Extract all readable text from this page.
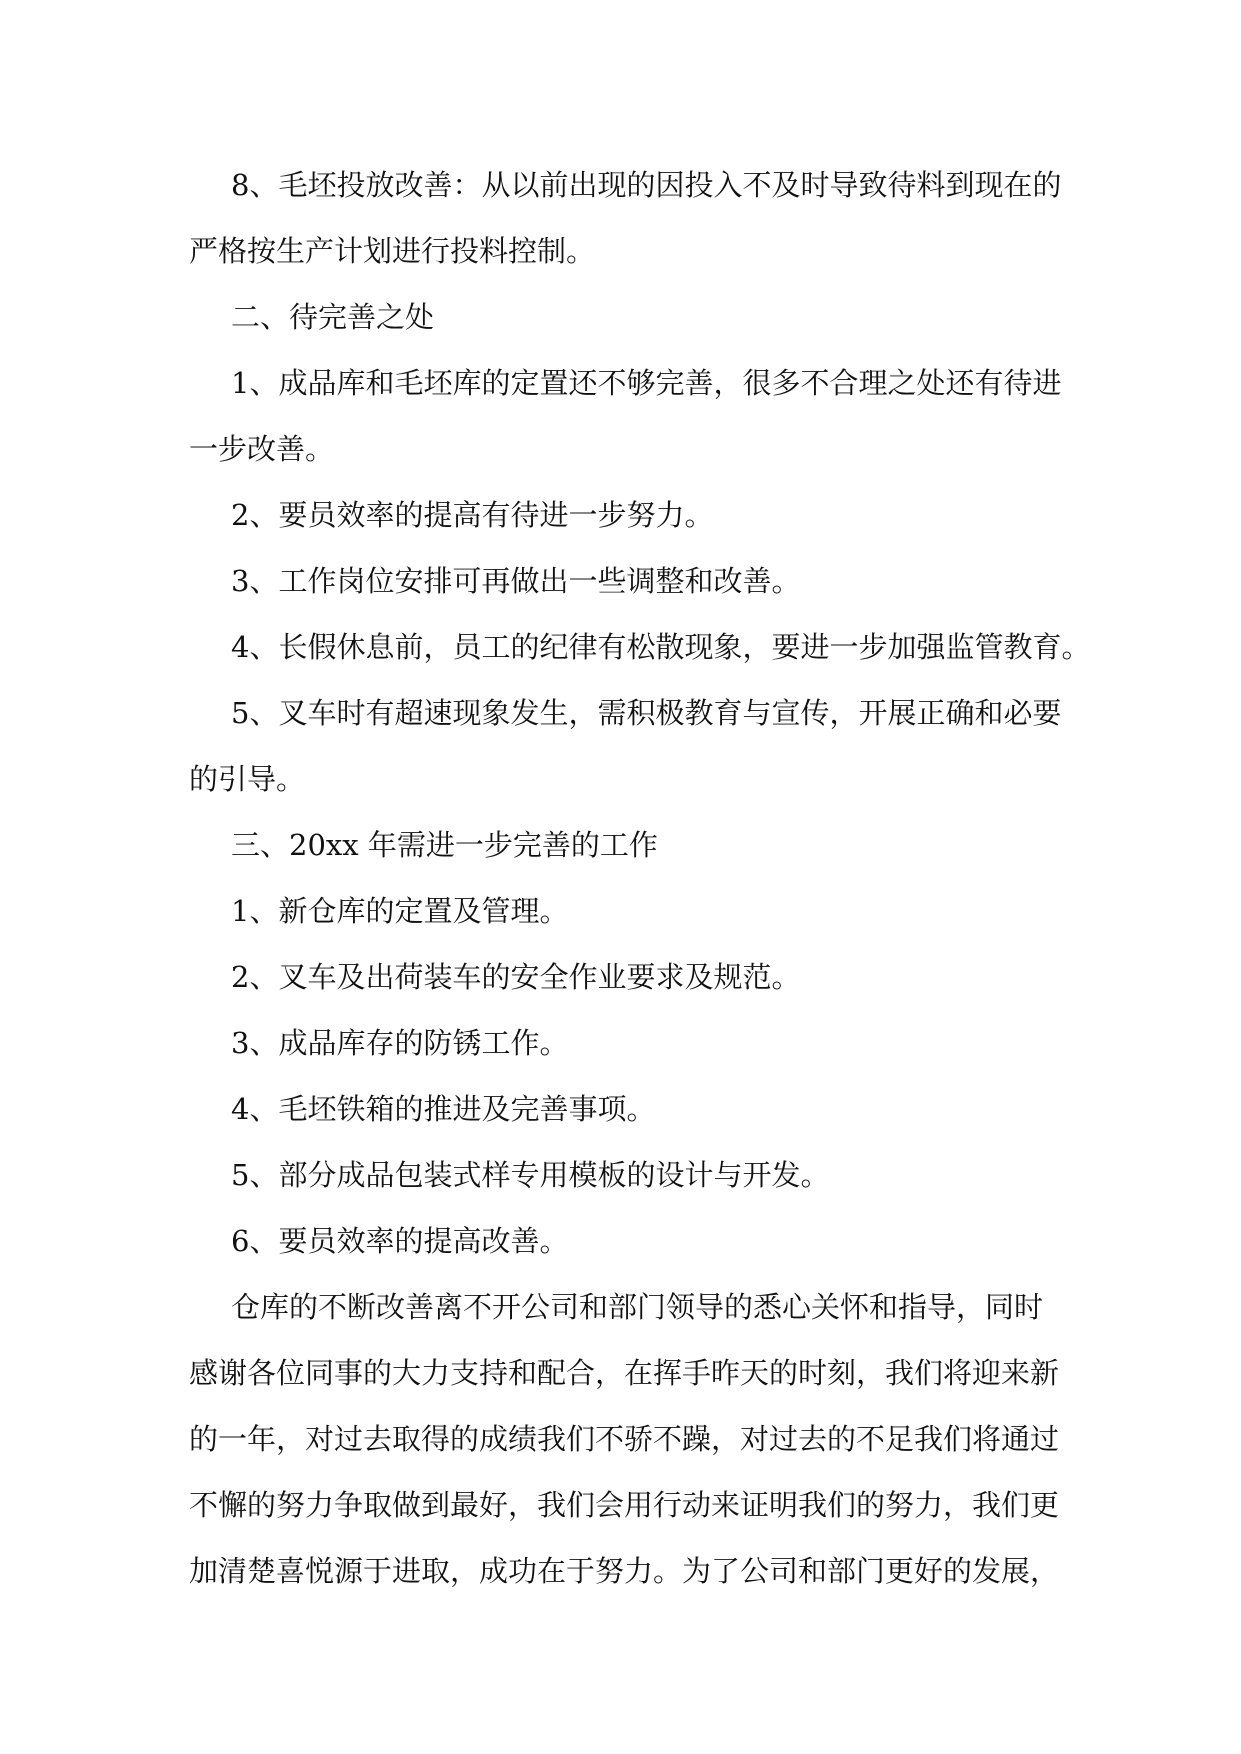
8、毛坯投放改善：从以前出现的因投入不及时导致待料到现在的
严格按生产计划进行投料控制。
二、待完善之处
1、成品库和毛坯库的定置还不够完善，很多不合理之处还有待进
一步改善。
2、要员效率的提高有待进一步努力。
3、工作岗位安排可再做出一些调整和改善。
4、长假休息前，员工的纪律有松散现象，要进一步加强监管教育。
5、叉车时有超速现象发生，需积极教育与宣传，开展正确和必要
的引导。
三、20xx 年需进一步完善的工作
1、新仓库的定置及管理。
2、叉车及出荷装车的安全作业要求及规范。
3、成品库存的防锈工作。
4、毛坯铁箱的推进及完善事项。
5、部分成品包装式样专用模板的设计与开发。
6、要员效率的提高改善。
仓库的不断改善离不开公司和部门领导的悉心关怀和指导，同时
感谢各位同事的大力支持和配合，在挥手昨天的时刻，我们将迎来新
的一年，对过去取得的成绩我们不骄不躁，对过去的不足我们将通过
不懈的努力争取做到最好，我们会用行动来证明我们的努力，我们更
加清楚喜悦源于进取，成功在于努力。为了公司和部门更好的发展，
